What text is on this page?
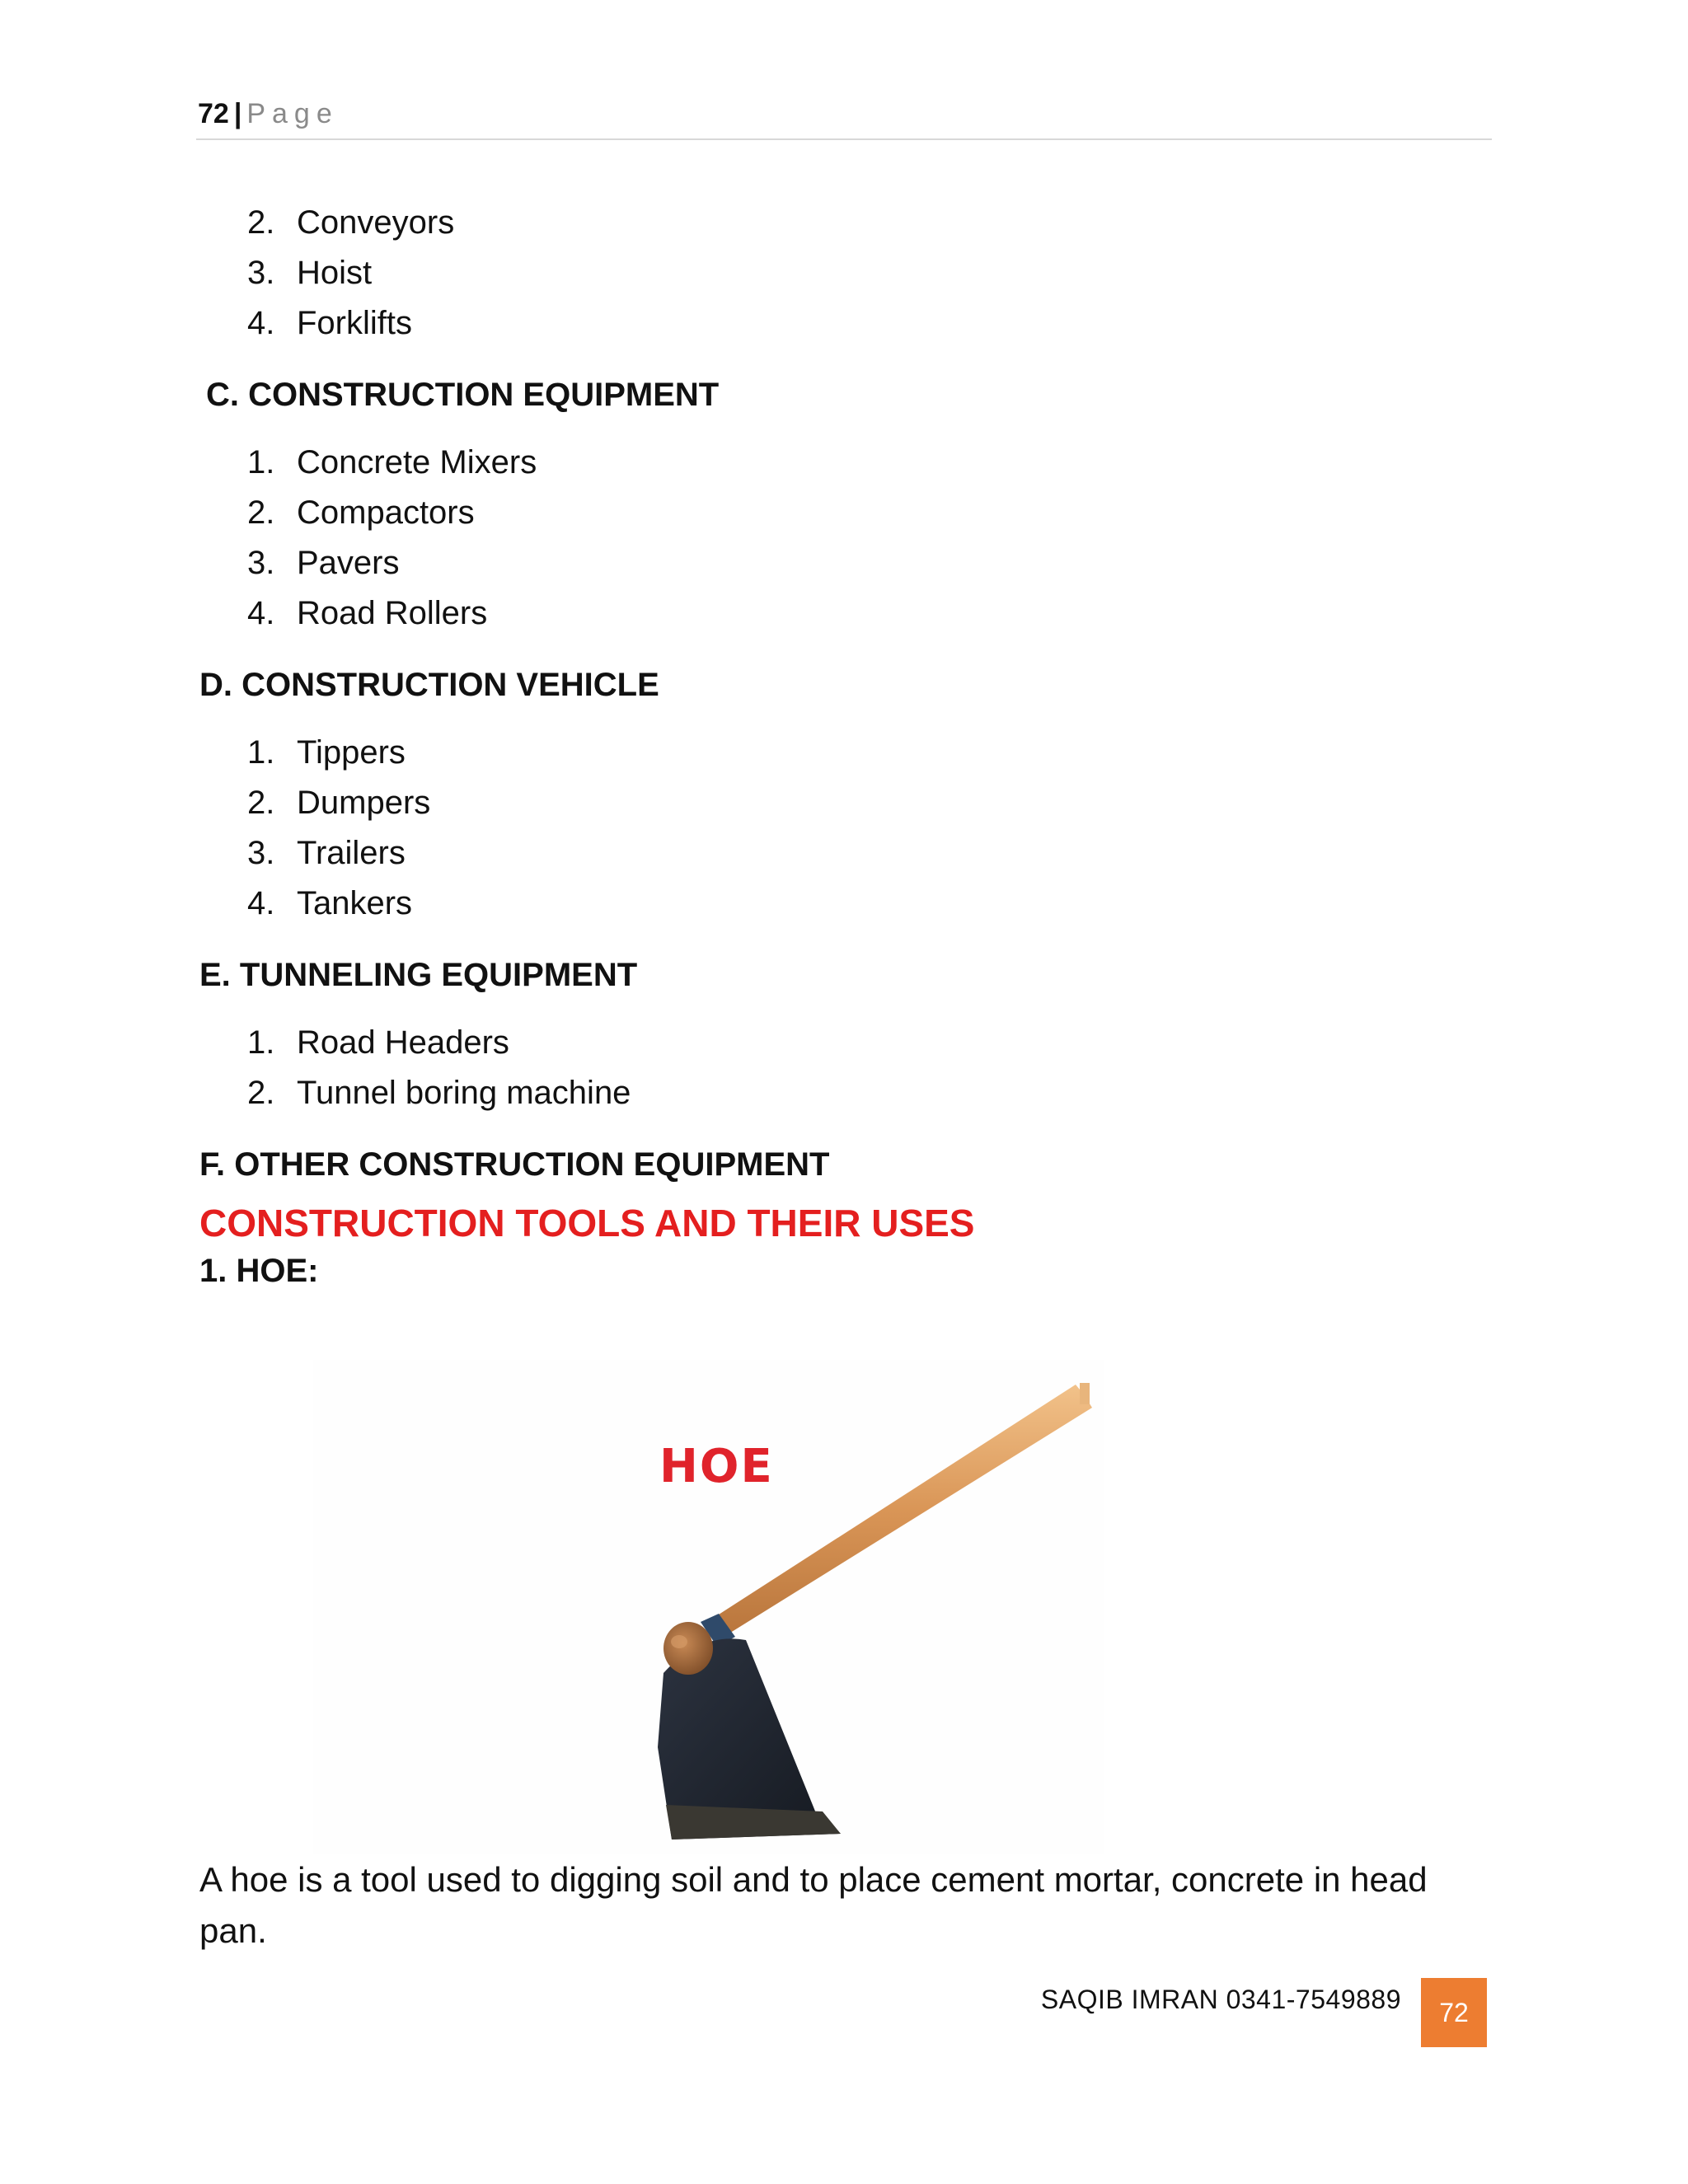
72 | Page
2. Conveyors
3. Hoist
4. Forklifts
C. CONSTRUCTION EQUIPMENT
1. Concrete Mixers
2. Compactors
3. Pavers
4. Road Rollers
D. CONSTRUCTION VEHICLE
1. Tippers
2. Dumpers
3. Trailers
4. Tankers
E. TUNNELING EQUIPMENT
1. Road Headers
2. Tunnel boring machine
F. OTHER CONSTRUCTION EQUIPMENT
CONSTRUCTION TOOLS AND THEIR USES
1. HOE:
HOE

A hoe is a tool used to digging soil and to place cement mortar, concrete in head pan.

SAQIB IMRAN 0341-7549889	72
